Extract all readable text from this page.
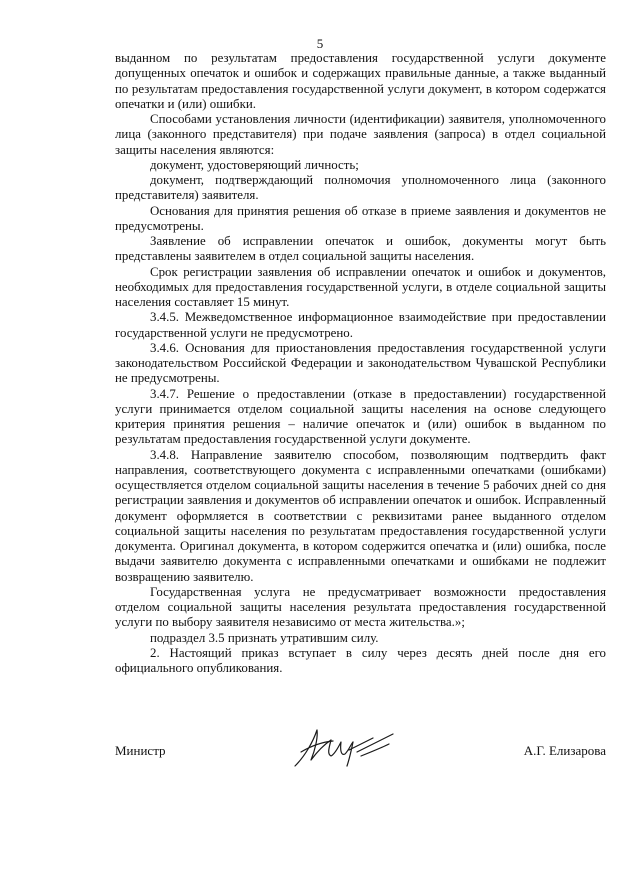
5

выданном по результатам предоставления государственной услуги документе допущенных опечаток и ошибок и содержащих правильные данные, а также выданный по результатам предоставления государственной услуги документ, в котором содержатся опечатки и (или) ошибки.

Способами установления личности (идентификации) заявителя, уполномоченного лица (законного представителя) при подаче заявления (запроса) в отдел социальной защиты населения являются:

документ, удостоверяющий личность;

документ, подтверждающий полномочия уполномоченного лица (законного представителя) заявителя.

Основания для принятия решения об отказе в приеме заявления и документов не предусмотрены.

Заявление об исправлении опечаток и ошибок, документы могут быть представлены заявителем в отдел социальной защиты населения.

Срок регистрации заявления об исправлении опечаток и ошибок и документов, необходимых для предоставления государственной услуги, в отделе социальной защиты населения составляет 15 минут.

3.4.5. Межведомственное информационное взаимодействие при предоставлении государственной услуги не предусмотрено.

3.4.6. Основания для приостановления предоставления государственной услуги законодательством Российской Федерации и законодательством Чувашской Республики не предусмотрены.

3.4.7. Решение о предоставлении (отказе в предоставлении) государственной услуги принимается отделом социальной защиты населения на основе следующего критерия принятия решения – наличие опечаток и (или) ошибок в выданном по результатам предоставления государственной услуги документе.

3.4.8. Направление заявителю способом, позволяющим подтвердить факт направления, соответствующего документа с исправленными опечатками (ошибками) осуществляется отделом социальной защиты населения в течение 5 рабочих дней со дня регистрации заявления и документов об исправлении опечаток и ошибок. Исправленный документ оформляется в соответствии с реквизитами ранее выданного отделом социальной защиты населения по результатам предоставления государственной услуги документа. Оригинал документа, в котором содержится опечатка и (или) ошибка, после выдачи заявителю документа с исправленными опечатками и ошибками не подлежит возвращению заявителю.

Государственная услуга не предусматривает возможности предоставления отделом социальной защиты населения результата предоставления государственной услуги по выбору заявителя независимо от места жительства.»;

подраздел 3.5 признать утратившим силу.

2. Настоящий приказ вступает в силу через десять дней после дня его официального опубликования.

Министр	А.Г. Елизарова
